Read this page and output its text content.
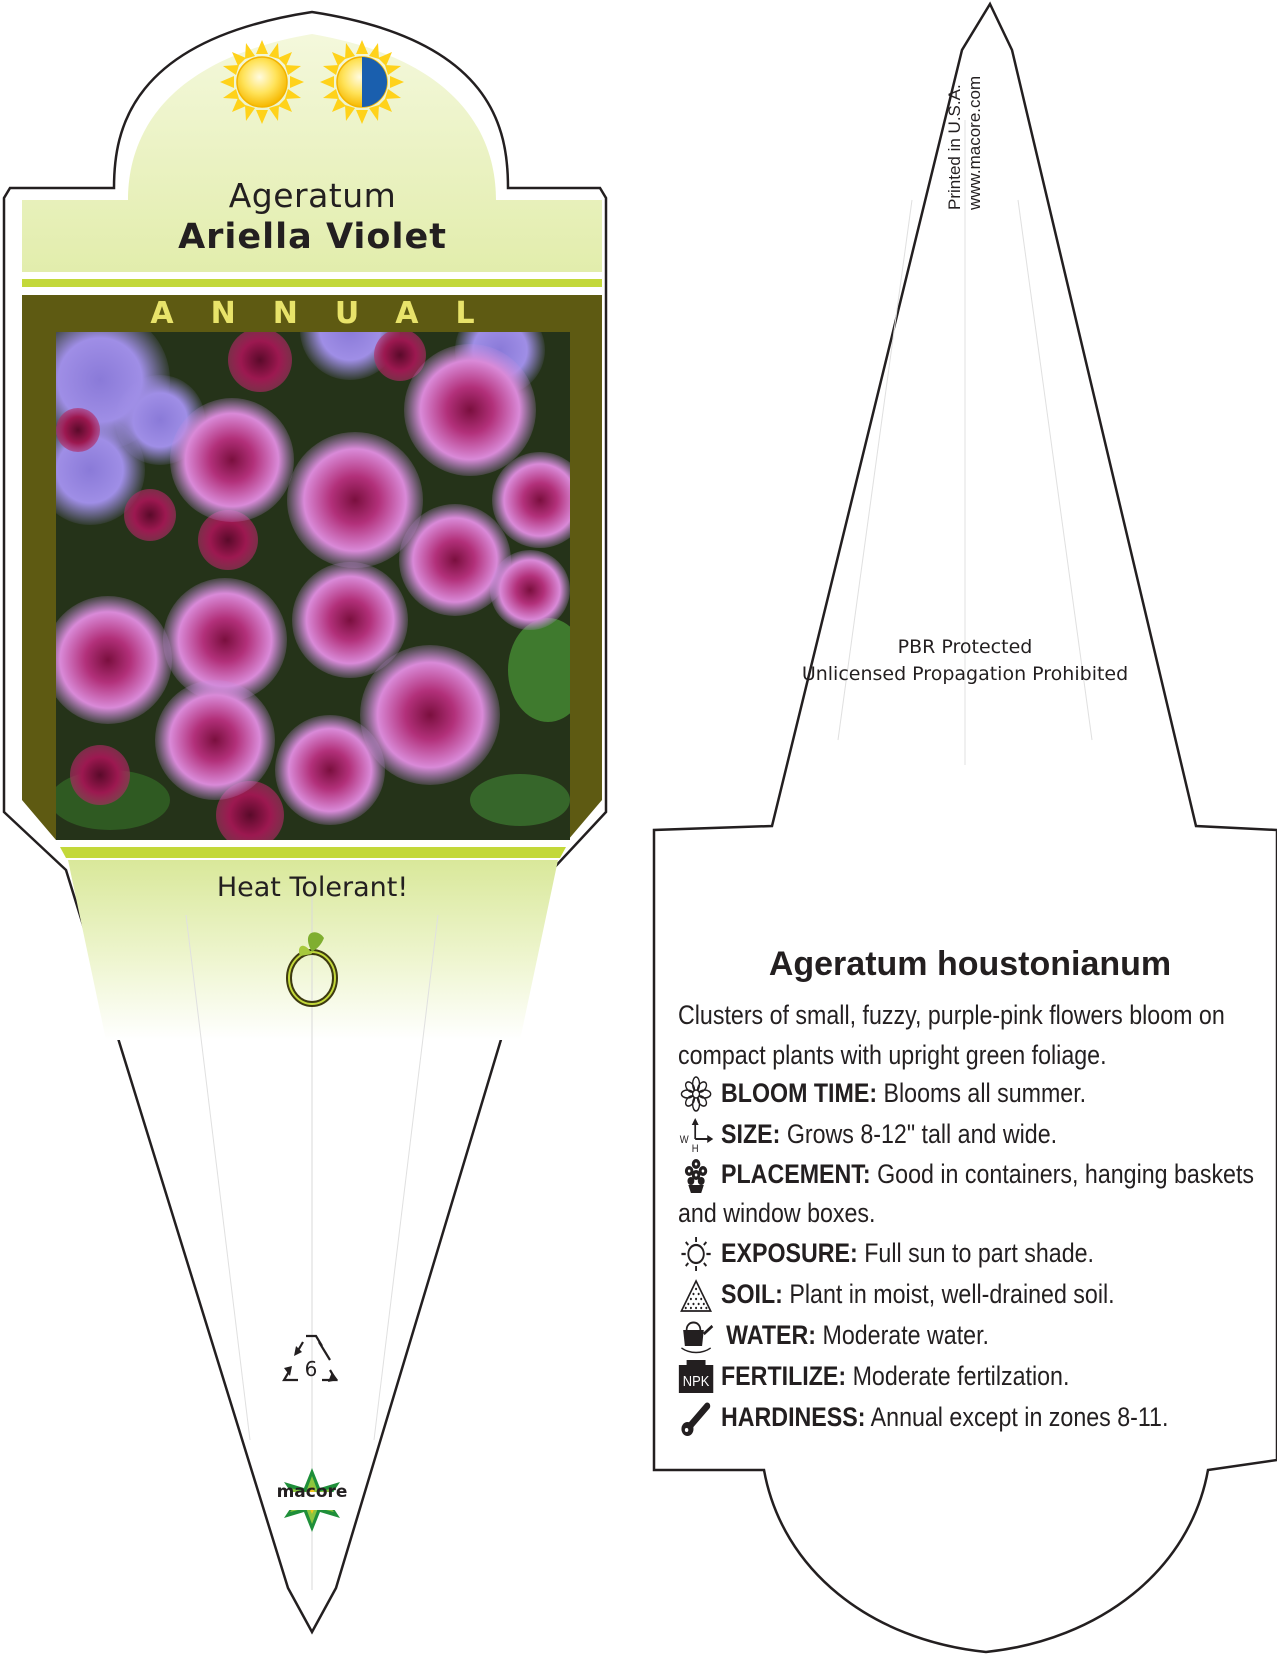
Ageratum
Ariella Violet
ANNUAL
Heat Tolerant!
6
macore
Printed in U.S.A. www.macore.com
PBR Protected
Unlicensed Propagation Prohibited
Ageratum houstonianum
Clusters of small, fuzzy, purple-pink flowers bloom on compact plants with upright green foliage.
BLOOM TIME: Blooms all summer.
W
H
SIZE: Grows 8-12" tall and wide.
PLACEMENT: Good in containers, hanging baskets and window boxes.
EXPOSURE: Full sun to part shade.
SOIL: Plant in moist, well-drained soil.
WATER: Moderate water.
NPK FERTILIZE: Moderate fertilzation.
HARDINESS: Annual except in zones 8-11.
